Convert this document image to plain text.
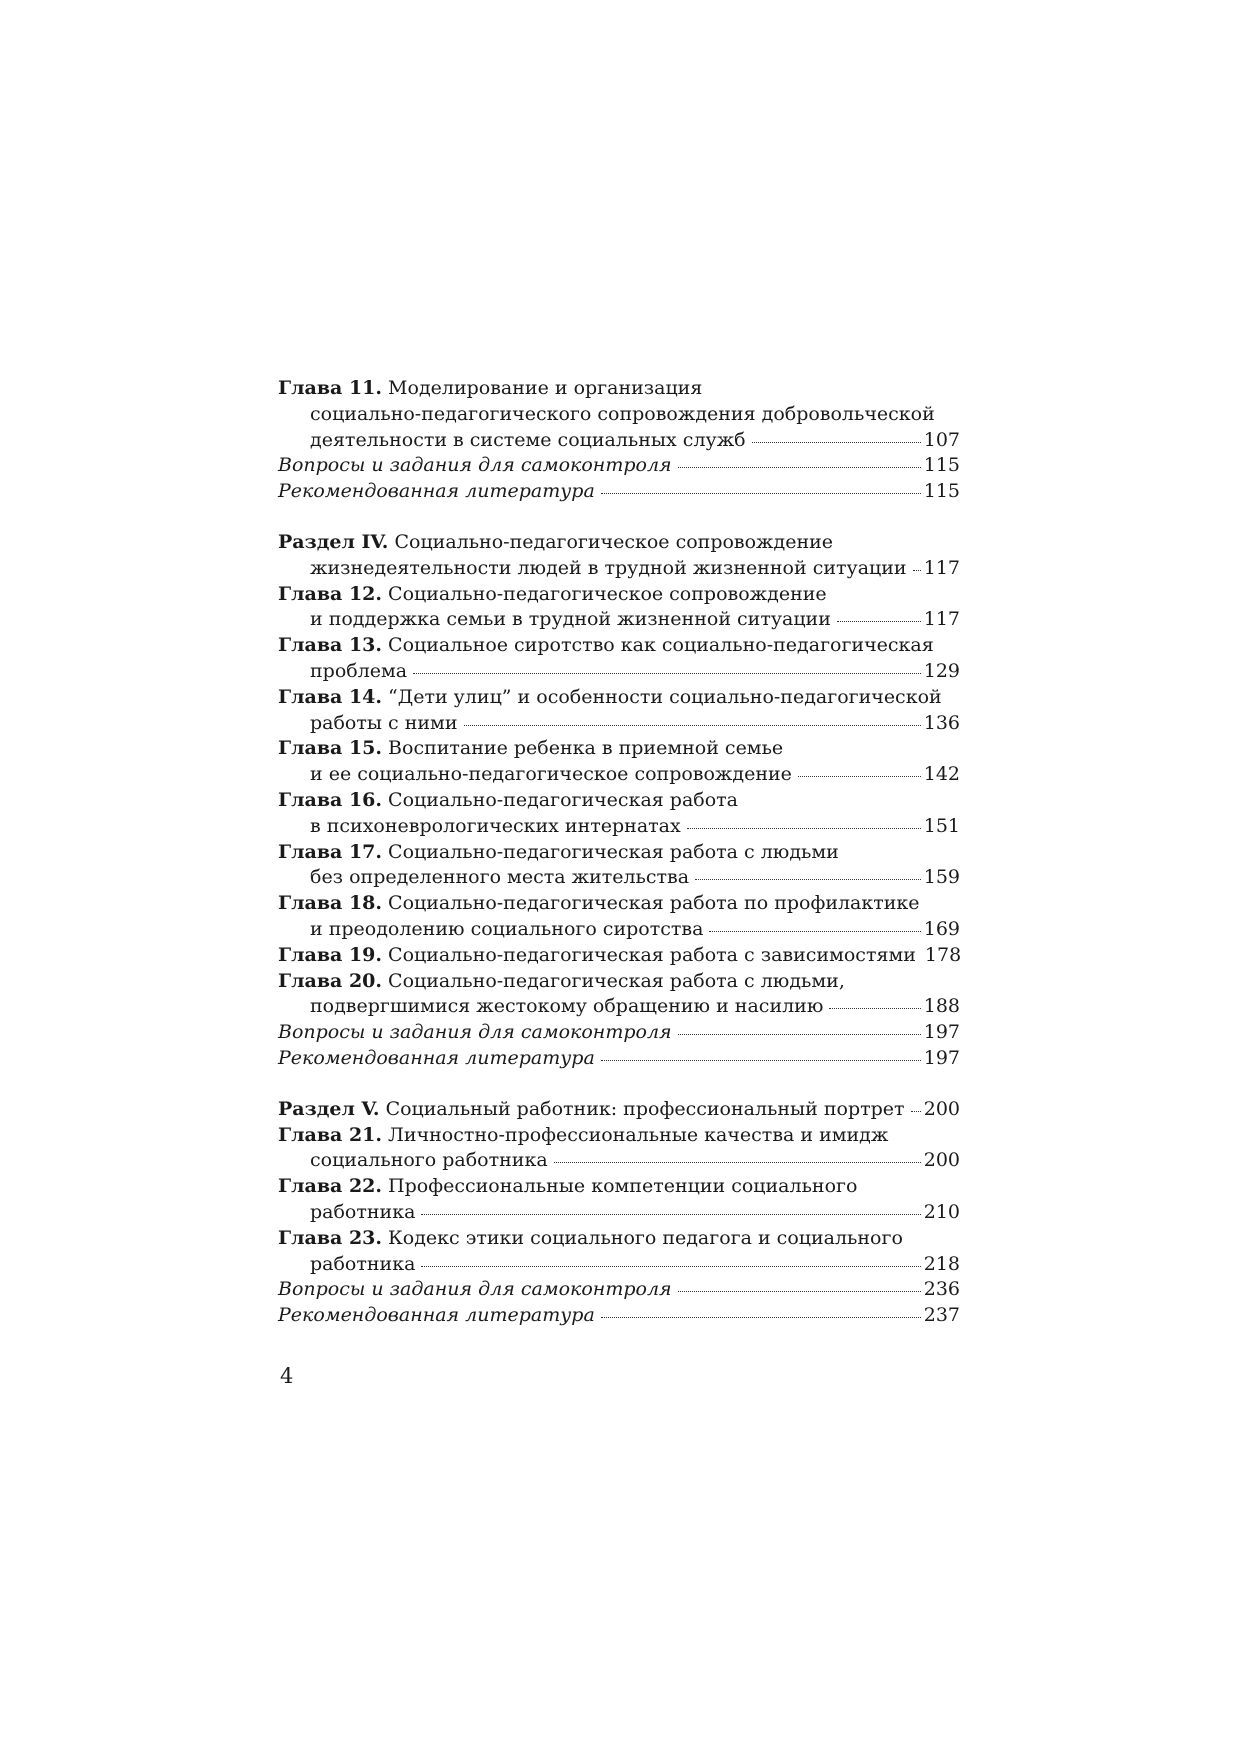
Глава 11. Моделирование и организация
социально-педагогического сопровождения добровольческой
деятельности в системе социальных служб	107
Вопросы и задания для самоконтроля	115
Рекомендованная литература	115
Раздел IV. Социально-педагогическое сопровождение
жизнедеятельности людей в трудной жизненной ситуации 117
Глава 12. Социально-педагогическое сопровождение
и поддержка семьи в трудной жизненной ситуации	117
Глава 13. Социальное сиротство как социально-педагогическая
проблема	129
Глава 14. “Дети улиц” и особенности социально-педагогической
работы с ними	136
Глава 15. Воспитание ребенка в приемной семье
и ее социально-педагогическое сопровождение	142
Глава 16. Социально-педагогическая работа
в психоневрологических интернатах	151
Глава 17. Социально-педагогическая работа с людьми
без определенного места жительства	159
Глава 18. Социально-педагогическая работа по профилактике
и преодолению социального сиротства	169
Глава 19. Социально-педагогическая работа с зависимостями 178
Глава 20. Социально-педагогическая работа с людьми,
подвергшимися жестокому обращению и насилию	188
Вопросы и задания для самоконтроля	197
Рекомендованная литература	197
Раздел V. Социальный работник: профессиональный портрет 200
Глава 21. Личностно-профессиональные качества и имидж
социального работника	200
Глава 22. Профессиональные компетенции социального
работника	210
Глава 23. Кодекс этики социального педагога и социального
работника	218
Вопросы и задания для самоконтроля	236
Рекомендованная литература	237
4
